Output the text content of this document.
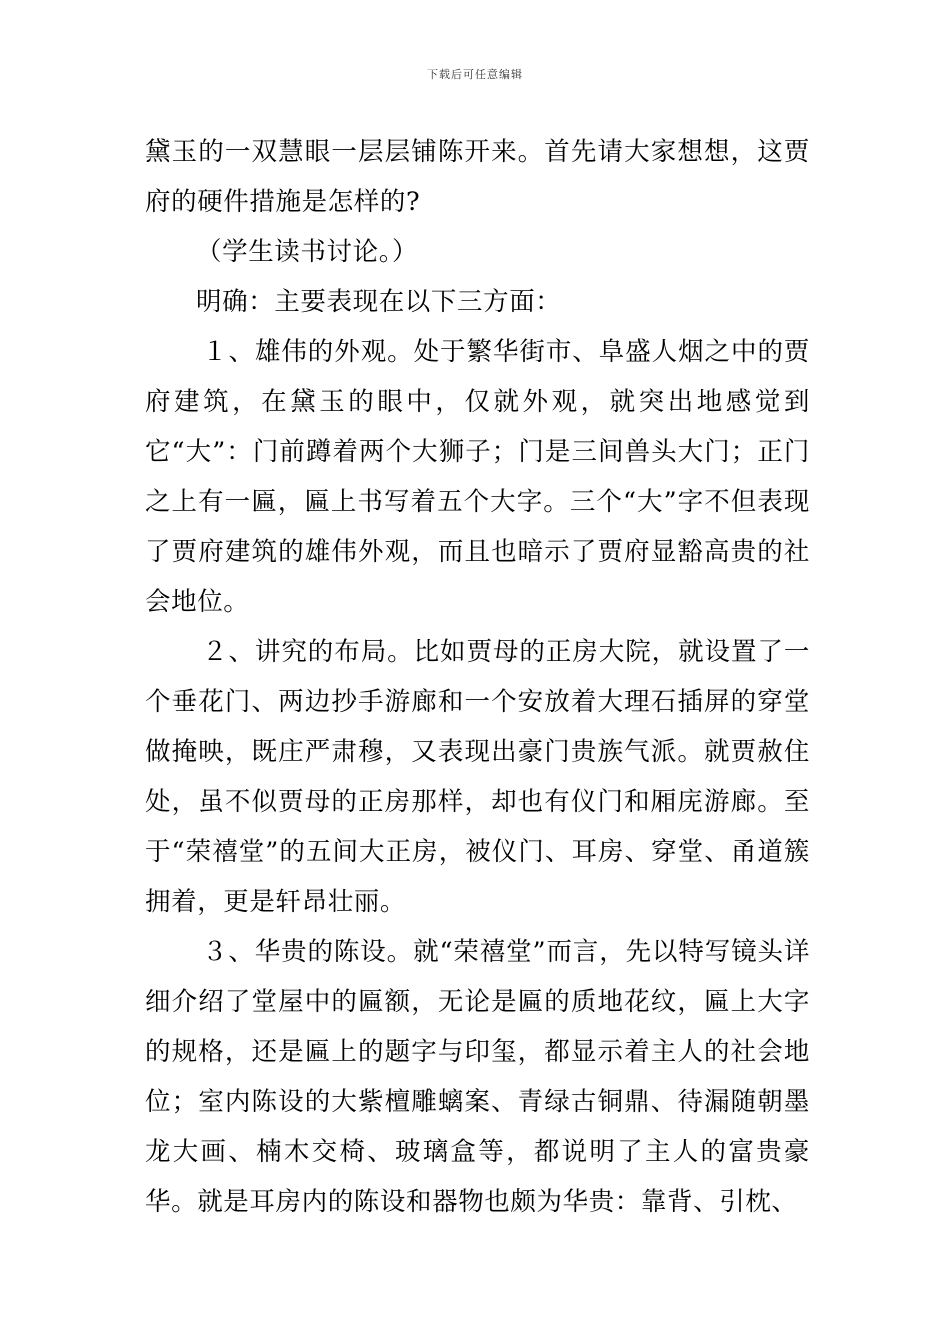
下载后可任意编辑

黛玉的一双慧眼一层层铺陈开来。首先请大家想想，这贾府的硬件措施是怎样的?

（学生读书讨论。）

明确：主要表现在以下三方面：

１、雄伟的外观。处于繁华街市、阜盛人烟之中的贾府建筑，在黛玉的眼中，仅就外观，就突出地感觉到它“大”：门前蹲着两个大狮子；门是三间兽头大门；正门之上有一匾，匾上书写着五个大字。三个“大”字不但表现了贾府建筑的雄伟外观，而且也暗示了贾府显豁高贵的社会地位。

２、讲究的布局。比如贾母的正房大院，就设置了一个垂花门、两边抄手游廊和一个安放着大理石插屏的穿堂做掩映，既庄严肃穆，又表现出豪门贵族气派。就贾赦住处，虽不似贾母的正房那样，却也有仪门和厢庑游廊。至于“荣禧堂”的五间大正房，被仪门、耳房、穿堂、甬道簇拥着，更是轩昂壮丽。

３、华贵的陈设。就“荣禧堂”而言，先以特写镜头详细介绍了堂屋中的匾额，无论是匾的质地花纹，匾上大字的规格，还是匾上的题字与印玺，都显示着主人的社会地位；室内陈设的大紫檀雕螭案、青绿古铜鼎、待漏随朝墨龙大画、楠木交椅、玻璃盒等，都说明了主人的富贵豪华。就是耳房内的陈设和器物也颇为华贵：靠背、引枕、
